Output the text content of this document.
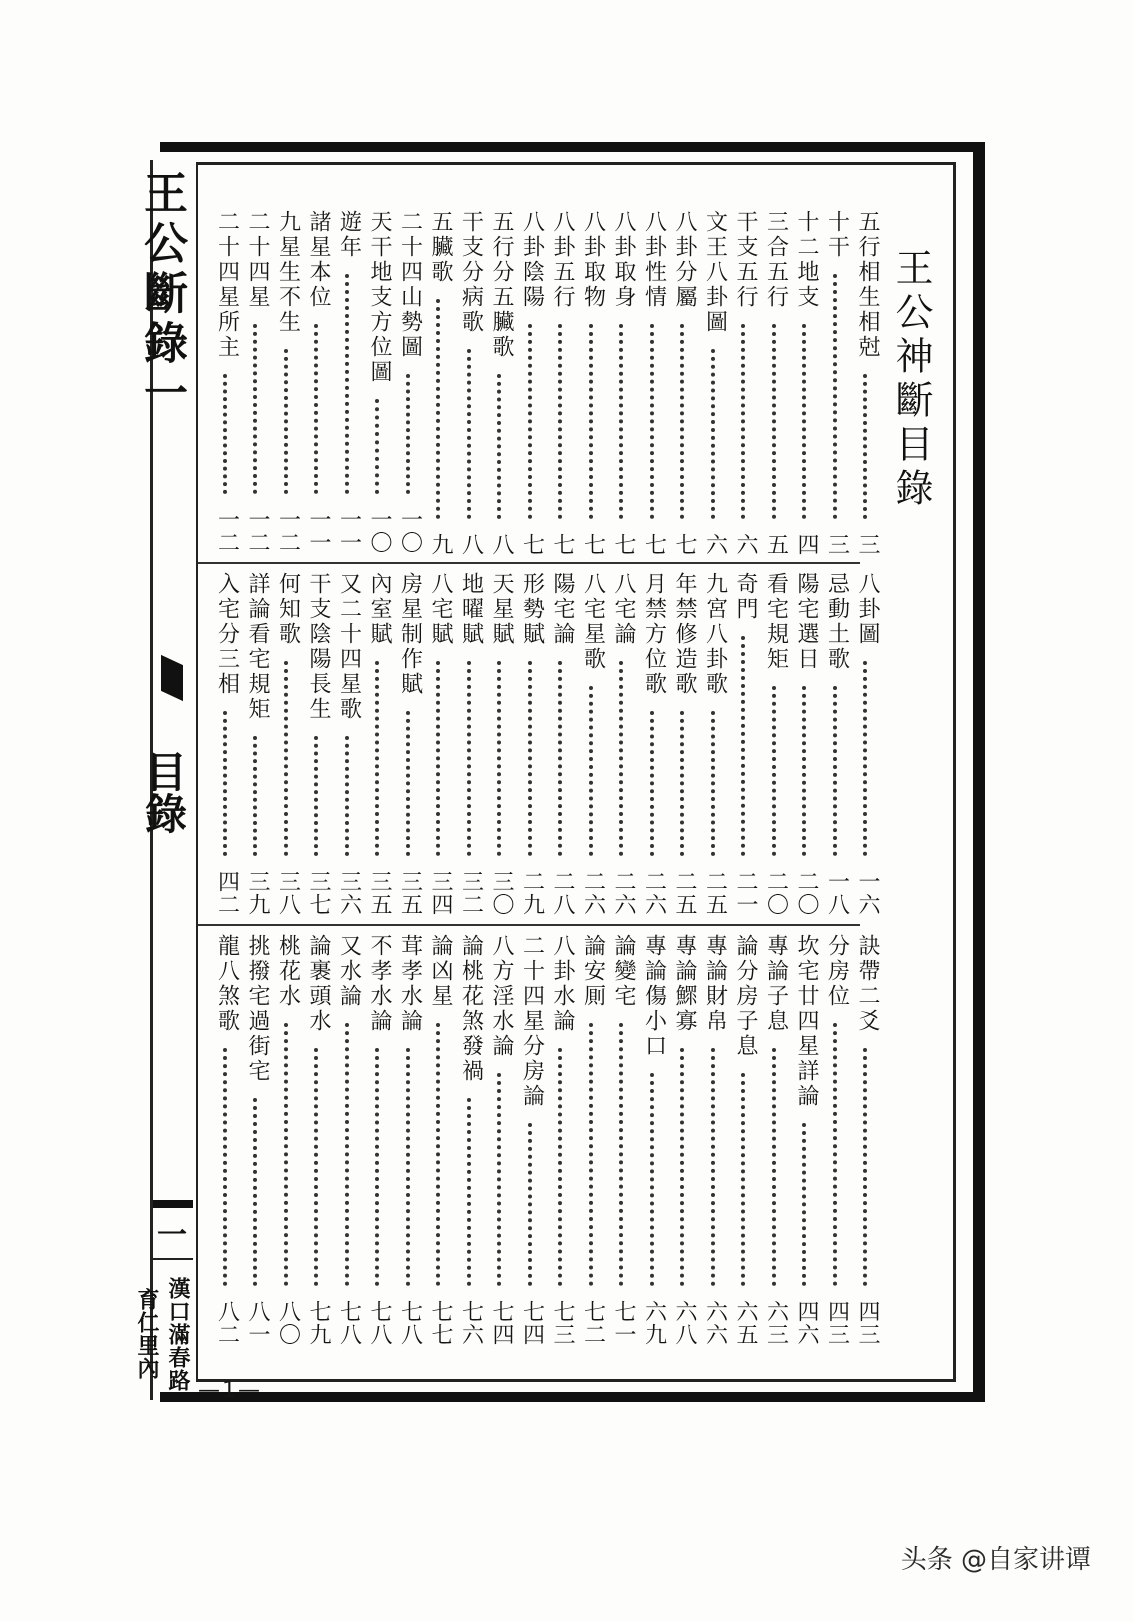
王公斷錄一
目錄
一
漢口滿春路育仁里內
王公神斷目錄
五行相生相尅
三
十干
三
十二地支
四
三合五行
五
干支五行
六
文王八卦圖
六
八卦分屬
七
八卦性情
七
八卦取身
七
八卦取物
七
八卦五行
七
八卦陰陽
七
五行分五臟歌
八
干支分病歌
八
五臟歌
九
二十四山勢圖
一〇
天干地支方位圖
一〇
遊年
一一
諸星本位
一一
九星生不生
一二
二十四星
一二
二十四星所主
一二
八卦圖
一六
忌動土歌
一八
陽宅選日
二〇
看宅規矩
二〇
奇門
二一
九宮八卦歌
二五
年禁修造歌
二五
月禁方位歌
二六
八宅論
二六
八宅星歌
二六
陽宅論
二八
形勢賦
二九
天星賦
三〇
地曜賦
三二
八宅賦
三四
房星制作賦
三五
內室賦
三五
又二十四星歌
三六
干支陰陽長生
三七
何知歌
三八
詳論看宅規矩
三九
入宅分三相
四二
訣帶二爻
四三
分房位
四三
坎宅廿四星詳論
四六
專論子息
六三
論分房子息
六五
專論財帛
六六
專論鰥寡
六八
專論傷小口
六九
論變宅
七一
論安厠
七二
八卦水論
七三
二十四星分房論
七四
八方淫水論
七四
論桃花煞發禍
七六
論凶星
七七
茸孝水論
七八
不孝水論
七八
又水論
七八
論裹頭水
七九
桃花水
八〇
挑撥宅過街宅
八一
龍八煞歌
八二
—1—
头条 @自家讲谭
